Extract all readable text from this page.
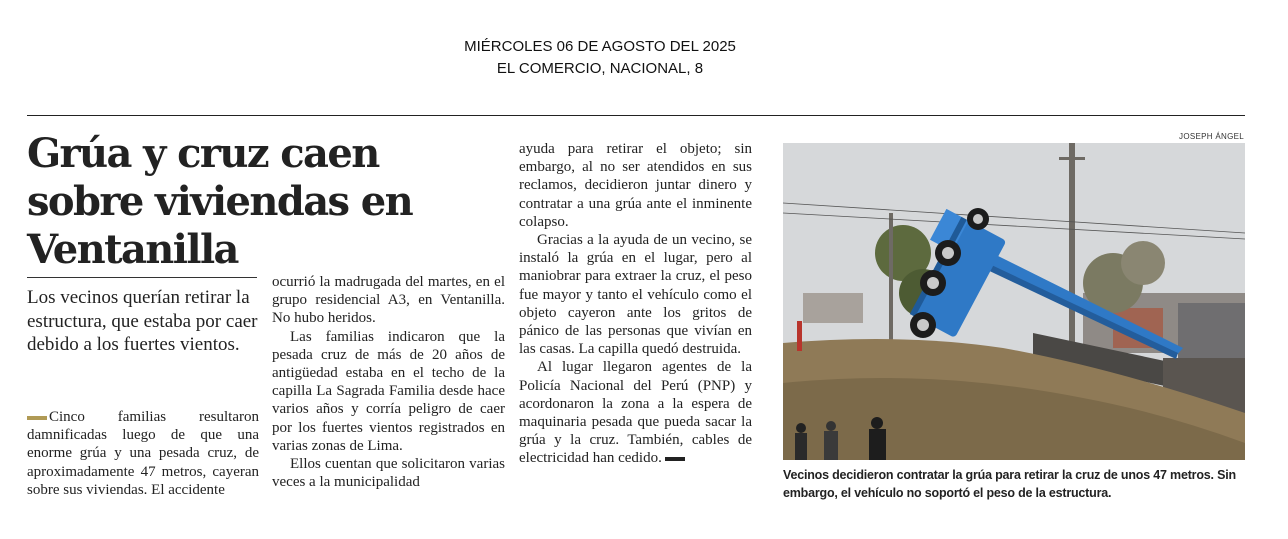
MIÉRCOLES 06 DE AGOSTO DEL 2025
EL COMERCIO, NACIONAL, 8
Grúa y cruz caen sobre viviendas en Ventanilla
Los vecinos querían retirar la estructura, que estaba por caer debido a los fuertes vientos.

Cinco familias resultaron damnificadas luego de que una enorme grúa y una pesada cruz, de aproximadamente 47 metros, cayeran sobre sus viviendas. El accidente

ocurrió la madrugada del martes, en el grupo residencial A3, en Ventanilla. No hubo heridos.

Las familias indicaron que la pesada cruz de más de 20 años de antigüedad estaba en el techo de la capilla La Sagrada Familia desde hace varios años y corría peligro de caer por los fuertes vientos registrados en varias zonas de Lima.

Ellos cuentan que solicitaron varias veces a la municipalidad

ayuda para retirar el objeto; sin embargo, al no ser atendidos en sus reclamos, decidieron juntar dinero y contratar a una grúa ante el inminente colapso.

Gracias a la ayuda de un vecino, se instaló la grúa en el lugar, pero al maniobrar para extraer la cruz, el peso fue mayor y tanto el vehículo como el objeto cayeron ante los gritos de pánico de las personas que vivían en las casas. La capilla quedó destruida.

Al lugar llegaron agentes de la Policía Nacional del Perú (PNP) y acordonaron la zona a la espera de maquinaria pesada que pueda sacar la grúa y la cruz. También, cables de electricidad han cedido.

JOSEPH ÁNGEL
Vecinos decidieron contratar la grúa para retirar la cruz de unos 47 metros. Sin embargo, el vehículo no soportó el peso de la estructura.
